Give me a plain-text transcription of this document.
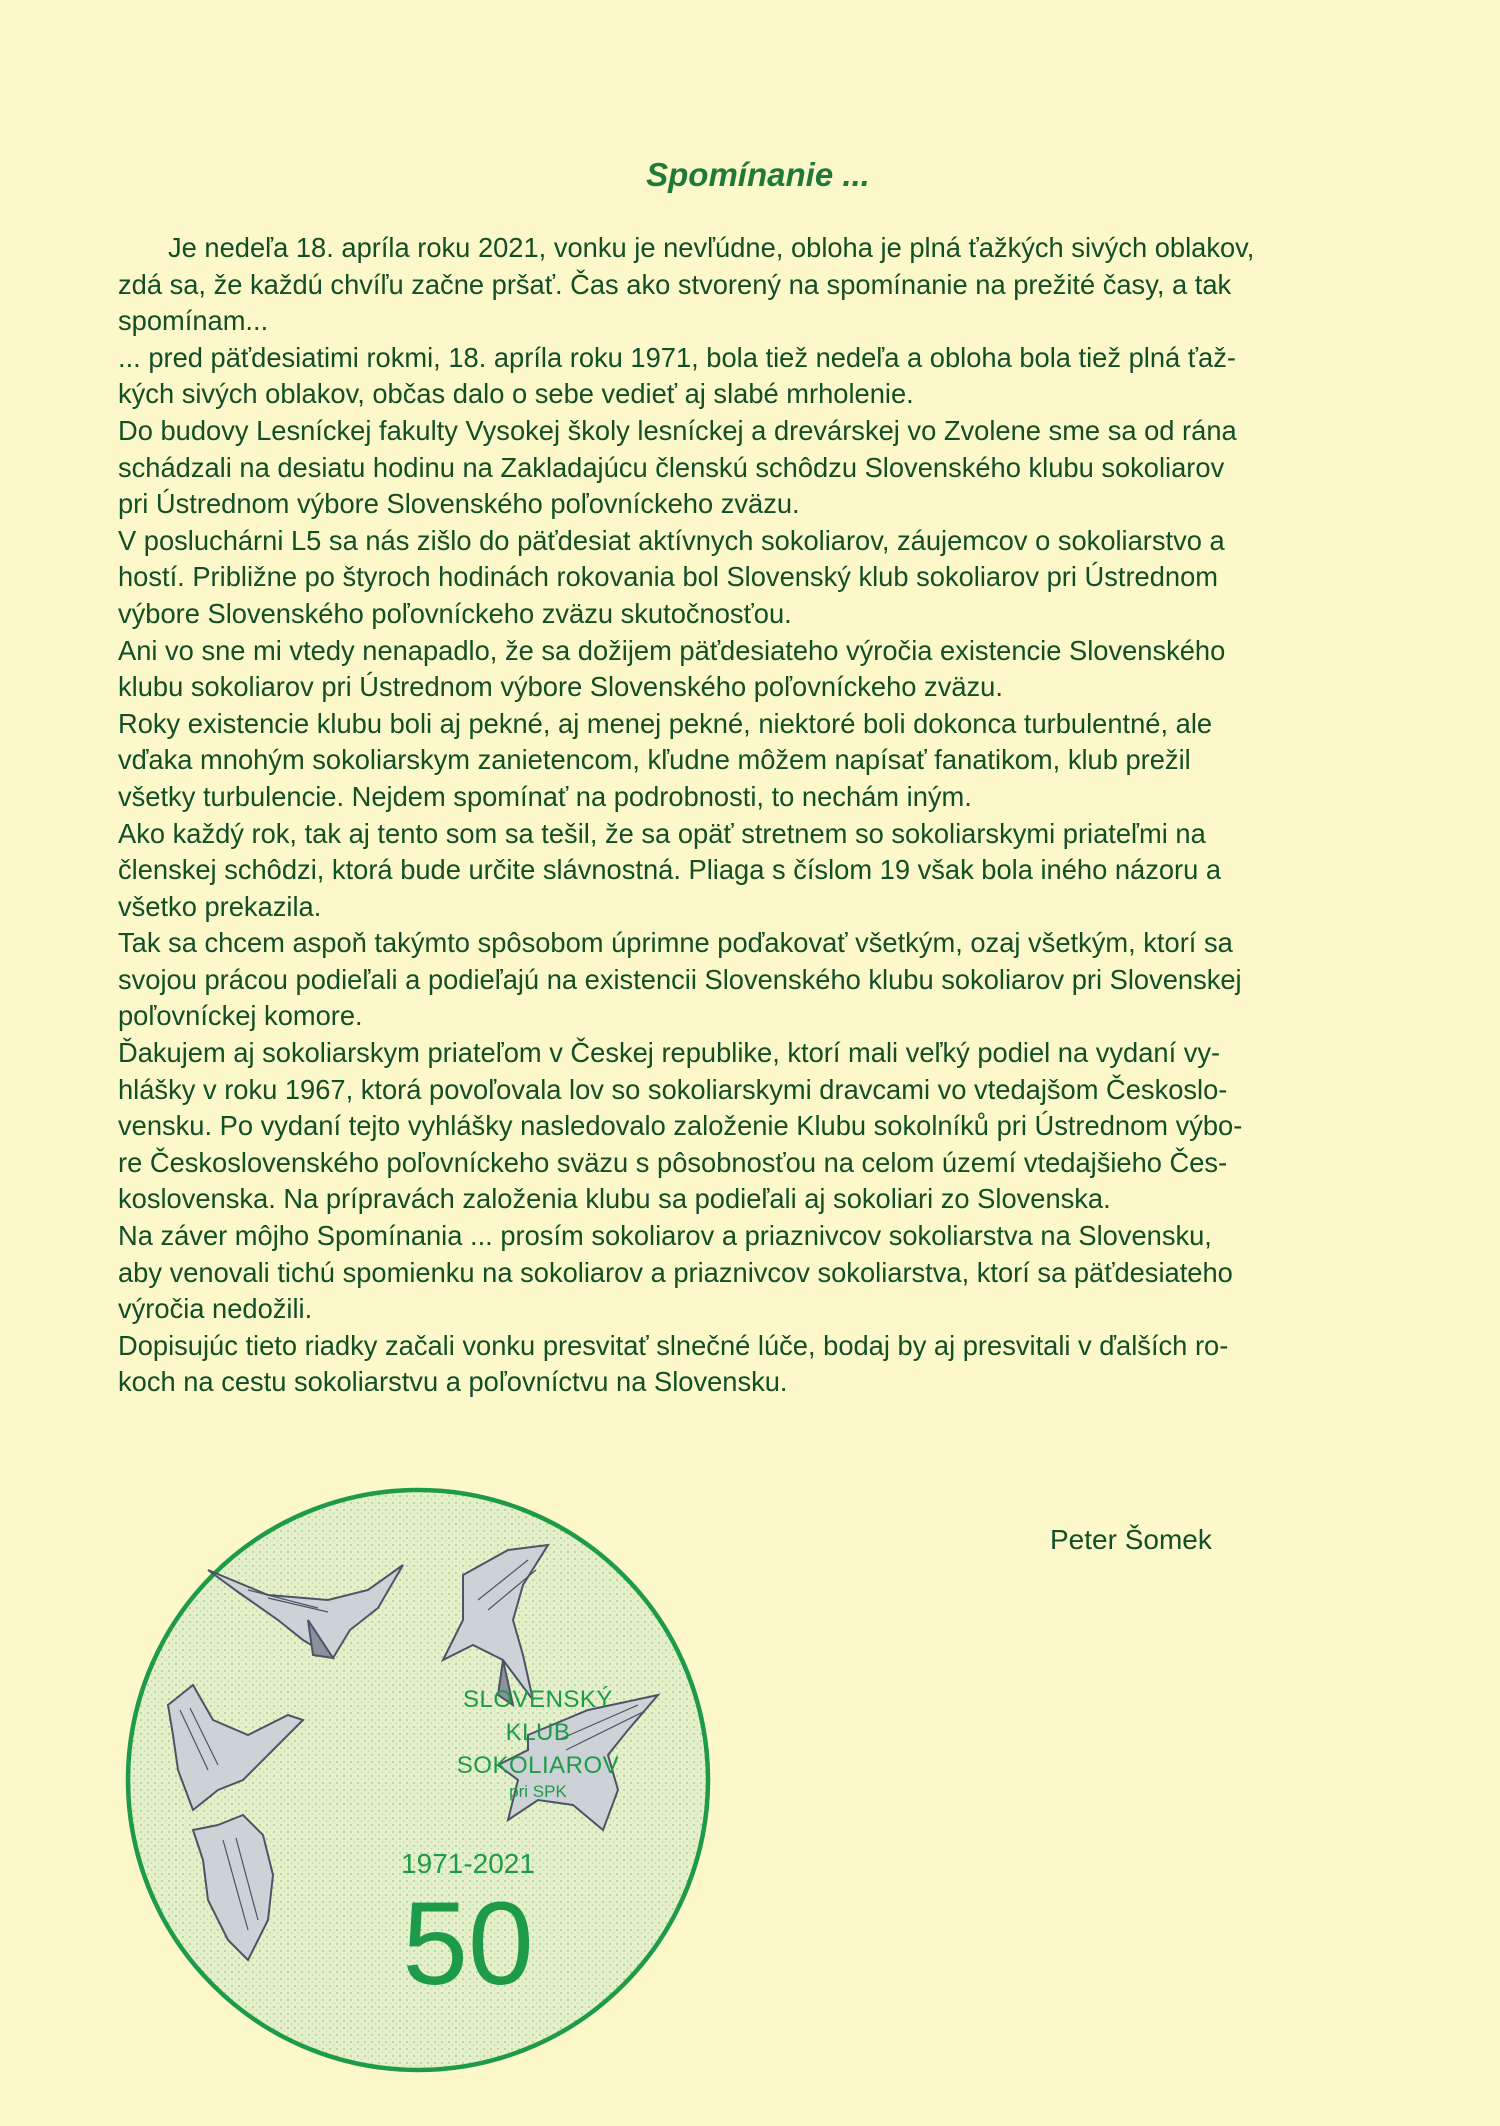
Spomínanie ...

Je nedeľa 18. apríla roku 2021, vonku je nevľúdne, obloha je plná ťažkých sivých oblakov,
zdá sa, že každú chvíľu začne pršať. Čas ako stvorený na spomínanie na prežité časy, a tak
spomínam...

... pred päťdesiatimi rokmi, 18. apríla roku 1971, bola tiež nedeľa a obloha bola tiež plná ťaž-
kých sivých oblakov, občas dalo o sebe vedieť aj slabé mrholenie.

Do budovy Lesníckej fakulty Vysokej školy lesníckej a drevárskej vo Zvolene sme sa od rána
schádzali na desiatu hodinu na Zakladajúcu členskú schôdzu Slovenského klubu sokoliarov
pri Ústrednom výbore Slovenského poľovníckeho zväzu.

V posluchárni L5 sa nás zišlo do päťdesiat aktívnych sokoliarov, záujemcov o sokoliarstvo a
hostí. Približne po štyroch hodinách rokovania bol Slovenský klub sokoliarov pri Ústrednom
výbore Slovenského poľovníckeho zväzu skutočnosťou.

Ani vo sne mi vtedy nenapadlo, že sa dožijem päťdesiateho výročia existencie Slovenského
klubu sokoliarov pri Ústrednom výbore Slovenského poľovníckeho zväzu.

Roky existencie klubu boli aj pekné, aj menej pekné, niektoré boli dokonca turbulentné, ale
vďaka mnohým sokoliarskym zanietencom, kľudne môžem napísať fanatikom, klub prežil
všetky turbulencie. Nejdem spomínať na podrobnosti, to nechám iným.

Ako každý rok, tak aj tento som sa tešil, že sa opäť stretnem so sokoliarskymi priateľmi na
členskej schôdzi, ktorá bude určite slávnostná. Pliaga s číslom 19 však bola iného názoru a
všetko prekazila.

Tak sa chcem aspoň takýmto spôsobom úprimne poďakovať všetkým, ozaj všetkým, ktorí sa
svojou prácou podieľali a podieľajú na existencii Slovenského klubu sokoliarov pri Slovenskej
poľovníckej komore.

Ďakujem aj sokoliarskym priateľom v Českej republike, ktorí mali veľký podiel na vydaní vy-
hlášky v roku 1967, ktorá povoľovala lov so sokoliarskymi dravcami vo vtedajšom Českoslo-
vensku. Po vydaní tejto vyhlášky nasledovalo založenie Klubu sokolníků pri Ústrednom výbo-
re Československého poľovníckeho sväzu s pôsobnosťou na celom území vtedajšieho Čes-
koslovenska. Na prípravách založenia klubu sa podieľali aj sokoliari zo Slovenska.

Na záver môjho Spomínania ... prosím sokoliarov a priaznivcov sokoliarstva na Slovensku,
aby venovali tichú spomienku na sokoliarov a priaznivcov sokoliarstva, ktorí sa päťdesiateho
výročia nedožili.

Dopisujúc tieto riadky začali vonku presvitať slnečné lúče, bodaj by aj presvitali v ďalších ro-
koch na cestu sokoliarstvu a poľovníctvu na Slovensku.

Peter Šomek
SLOVENSKÝ
KLUB
SOKOLIAROV
pri SPK
1971-2021
50
